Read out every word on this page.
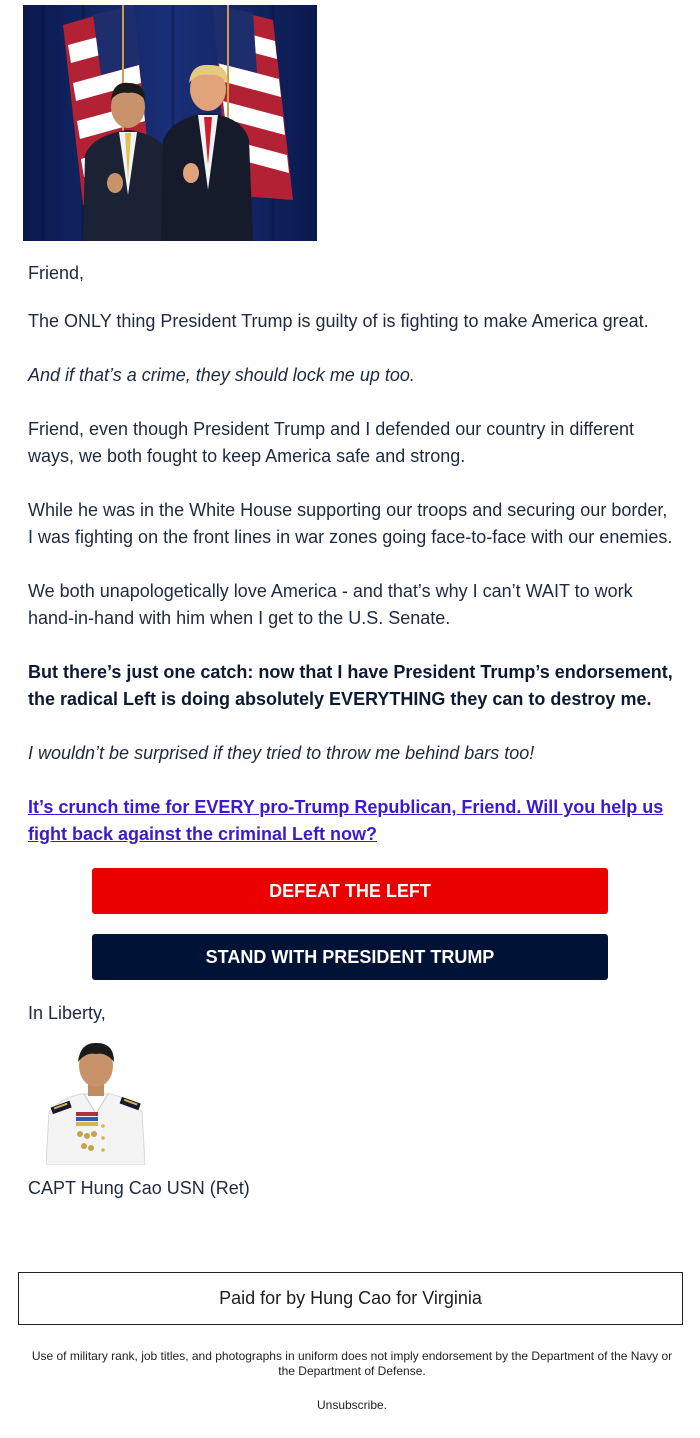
Friend,

The ONLY thing President Trump is guilty of is fighting to make America great.

And if that’s a crime, they should lock me up too.

Friend, even though President Trump and I defended our country in different ways, we both fought to keep America safe and strong.

While he was in the White House supporting our troops and securing our border, I was fighting on the front lines in war zones going face-to-face with our enemies.

We both unapologetically love America - and that’s why I can’t WAIT to work hand-in-hand with him when I get to the U.S. Senate.

But there’s just one catch: now that I have President Trump’s endorsement, the radical Left is doing absolutely EVERYTHING they can to destroy me.

I wouldn’t be surprised if they tried to throw me behind bars too!

It’s crunch time for EVERY pro-Trump Republican, Friend. Will you help us fight back against the criminal Left now?

DEFEAT THE LEFT
STAND WITH PRESIDENT TRUMP
In Liberty,
CAPT Hung Cao USN (Ret)
Paid for by Hung Cao for Virginia
Use of military rank, job titles, and photographs in uniform does not imply endorsement by the Department of the Navy or the Department of Defense.
Unsubscribe.
